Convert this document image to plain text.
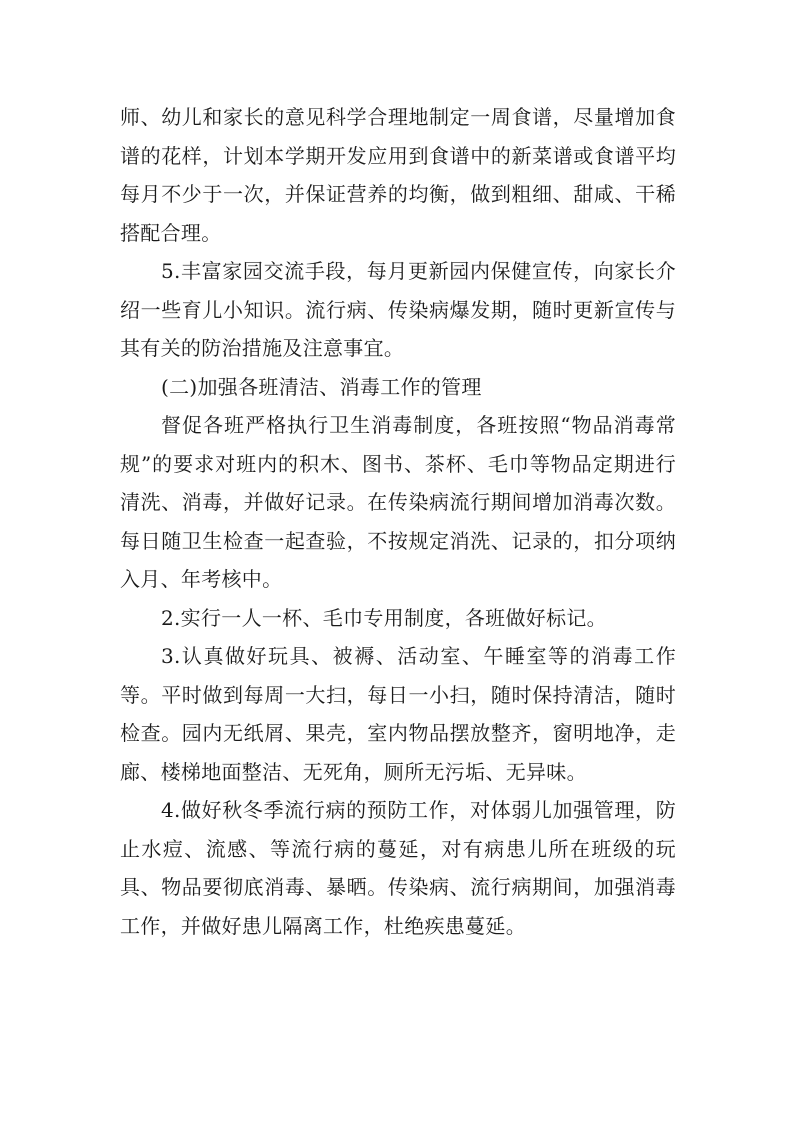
师、幼儿和家长的意见科学合理地制定一周食谱，尽量增加食谱的花样，计划本学期开发应用到食谱中的新菜谱或食谱平均每月不少于一次，并保证营养的均衡，做到粗细、甜咸、干稀搭配合理。

5.丰富家园交流手段，每月更新园内保健宣传，向家长介绍一些育儿小知识。流行病、传染病爆发期，随时更新宣传与其有关的防治措施及注意事宜。

(二)加强各班清洁、消毒工作的管理

督促各班严格执行卫生消毒制度，各班按照“物品消毒常规”的要求对班内的积木、图书、茶杯、毛巾等物品定期进行清洗、消毒，并做好记录。在传染病流行期间增加消毒次数。每日随卫生检查一起查验，不按规定消洗、记录的，扣分项纳入月、年考核中。

2.实行一人一杯、毛巾专用制度，各班做好标记。

3.认真做好玩具、被褥、活动室、午睡室等的消毒工作等。平时做到每周一大扫，每日一小扫，随时保持清洁，随时检查。园内无纸屑、果壳，室内物品摆放整齐，窗明地净，走廊、楼梯地面整洁、无死角，厕所无污垢、无异味。

4.做好秋冬季流行病的预防工作，对体弱儿加强管理，防止水痘、流感、等流行病的蔓延，对有病患儿所在班级的玩具、物品要彻底消毒、暴晒。传染病、流行病期间，加强消毒工作，并做好患儿隔离工作，杜绝疾患蔓延。
